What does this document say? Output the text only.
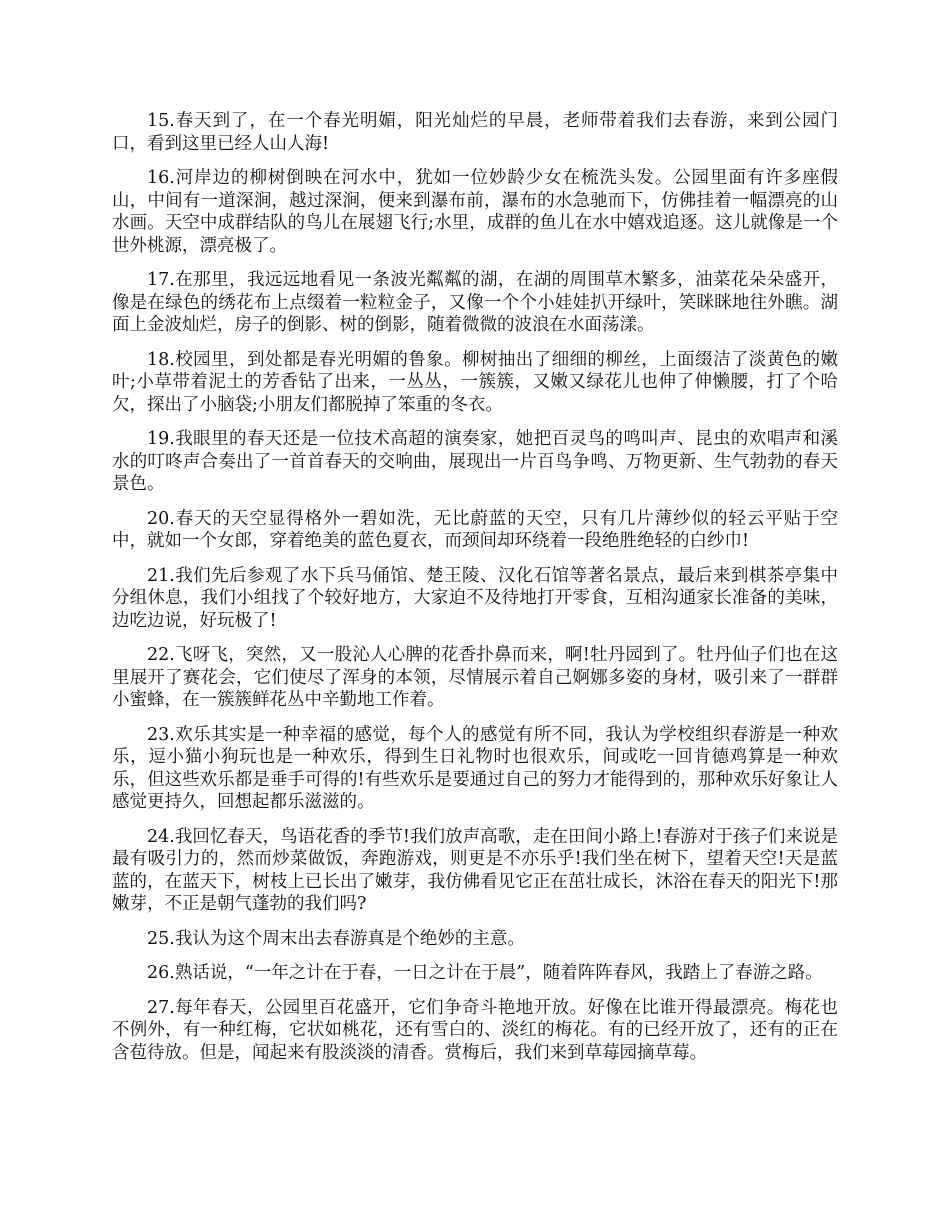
15.春天到了，在一个春光明媚，阳光灿烂的早晨，老师带着我们去春游，来到公园门口，看到这里已经人山人海!

16.河岸边的柳树倒映在河水中，犹如一位妙龄少女在梳洗头发。公园里面有许多座假山，中间有一道深涧，越过深涧，便来到瀑布前，瀑布的水急驰而下，仿佛挂着一幅漂亮的山水画。天空中成群结队的鸟儿在展翅飞行;水里，成群的鱼儿在水中嬉戏追逐。这儿就像是一个世外桃源，漂亮极了。

17.在那里，我远远地看见一条波光粼粼的湖，在湖的周围草木繁多，油菜花朵朵盛开，像是在绿色的绣花布上点缀着一粒粒金子，又像一个个小娃娃扒开绿叶，笑眯眯地往外瞧。湖面上金波灿烂，房子的倒影、树的倒影，随着微微的波浪在水面荡漾。

18.校园里，到处都是春光明媚的鲁象。柳树抽出了细细的柳丝，上面缀洁了淡黄色的嫩叶;小草带着泥土的芳香钻了出来，一丛丛，一簇簇，又嫩又绿花儿也伸了伸懒腰，打了个哈欠，探出了小脑袋;小朋友们都脱掉了笨重的冬衣。

19.我眼里的春天还是一位技术高超的演奏家，她把百灵鸟的鸣叫声、昆虫的欢唱声和溪水的叮咚声合奏出了一首首春天的交响曲，展现出一片百鸟争鸣、万物更新、生气勃勃的春天景色。

20.春天的天空显得格外一碧如洗，无比蔚蓝的天空，只有几片薄纱似的轻云平贴于空中，就如一个女郎，穿着绝美的蓝色夏衣，而颈间却环绕着一段绝胜绝轻的白纱巾!

21.我们先后参观了水下兵马俑馆、楚王陵、汉化石馆等著名景点，最后来到棋茶亭集中分组休息，我们小组找了个较好地方，大家迫不及待地打开零食，互相沟通家长准备的美味，边吃边说，好玩极了!

22.飞呀飞，突然，又一股沁人心脾的花香扑鼻而来，啊!牡丹园到了。牡丹仙子们也在这里展开了赛花会，它们使尽了浑身的本领，尽情展示着自己婀娜多姿的身材，吸引来了一群群小蜜蜂，在一簇簇鲜花丛中辛勤地工作着。

23.欢乐其实是一种幸福的感觉，每个人的感觉有所不同，我认为学校组织春游是一种欢乐，逗小猫小狗玩也是一种欢乐，得到生日礼物时也很欢乐，间或吃一回肯德鸡算是一种欢乐，但这些欢乐都是垂手可得的!有些欢乐是要通过自己的努力才能得到的，那种欢乐好象让人感觉更持久，回想起都乐滋滋的。

24.我回忆春天，鸟语花香的季节!我们放声高歌，走在田间小路上!春游对于孩子们来说是最有吸引力的，然而炒菜做饭，奔跑游戏，则更是不亦乐乎!我们坐在树下，望着天空!天是蓝蓝的，在蓝天下，树枝上已长出了嫩芽，我仿佛看见它正在茁壮成长，沐浴在春天的阳光下!那嫩芽，不正是朝气蓬勃的我们吗?

25.我认为这个周末出去春游真是个绝妙的主意。

26.熟话说，“一年之计在于春，一日之计在于晨”，随着阵阵春风，我踏上了春游之路。

27.每年春天，公园里百花盛开，它们争奇斗艳地开放。好像在比谁开得最漂亮。梅花也不例外，有一种红梅，它状如桃花，还有雪白的、淡红的梅花。有的已经开放了，还有的正在含苞待放。但是，闻起来有股淡淡的清香。赏梅后，我们来到草莓园摘草莓。
